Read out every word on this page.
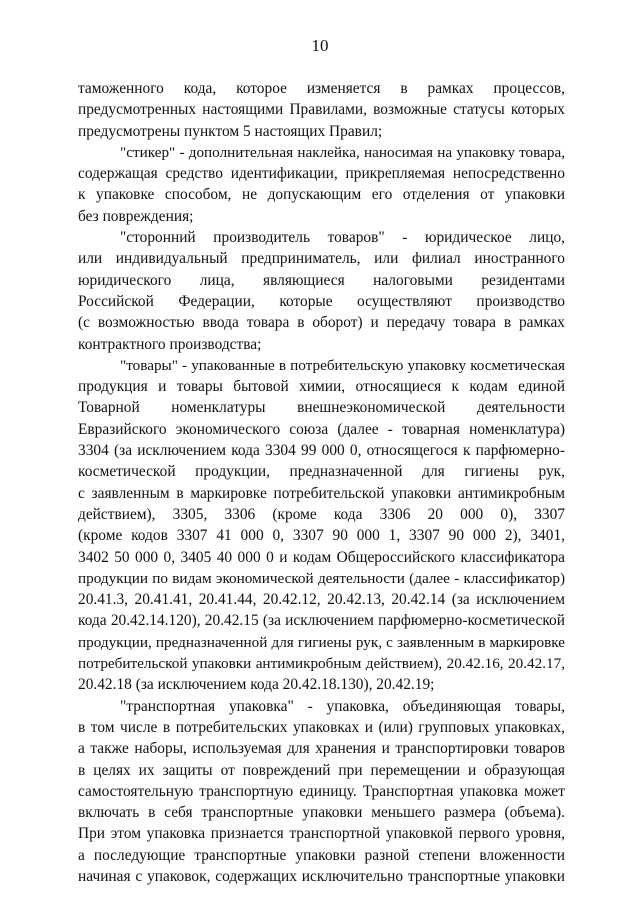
10
таможенного кода, которое изменяется в рамках процессов,
предусмотренных настоящими Правилами, возможные статусы которых
предусмотрены пунктом 5 настоящих Правил;
"стикер" - дополнительная наклейка, наносимая на упаковку товара,
содержащая средство идентификации, прикрепляемая непосредственно
к упаковке способом, не допускающим его отделения от упаковки
без повреждения;
"сторонний производитель товаров" - юридическое лицо,
или индивидуальный предприниматель, или филиал иностранного
юридического лица, являющиеся налоговыми резидентами
Российской Федерации, которые осуществляют производство
(с возможностью ввода товара в оборот) и передачу товара в рамках
контрактного производства;
"товары" - упакованные в потребительскую упаковку косметическая
продукция и товары бытовой химии, относящиеся к кодам единой
Товарной номенклатуры внешнеэкономической деятельности
Евразийского экономического союза (далее - товарная номенклатура)
3304 (за исключением кода 3304 99 000 0, относящегося к парфюмерно-
косметической продукции, предназначенной для гигиены рук,
с заявленным в маркировке потребительской упаковки антимикробным
действием), 3305, 3306 (кроме кода 3306 20 000 0), 3307
(кроме кодов 3307 41 000 0, 3307 90 000 1, 3307 90 000 2), 3401,
3402 50 000 0, 3405 40 000 0 и кодам Общероссийского классификатора
продукции по видам экономической деятельности (далее - классификатор)
20.41.3, 20.41.41, 20.41.44, 20.42.12, 20.42.13, 20.42.14 (за исключением
кода 20.42.14.120), 20.42.15 (за исключением парфюмерно-косметической
продукции, предназначенной для гигиены рук, с заявленным в маркировке
потребительской упаковки антимикробным действием), 20.42.16, 20.42.17,
20.42.18 (за исключением кода 20.42.18.130), 20.42.19;
"транспортная упаковка" - упаковка, объединяющая товары,
в том числе в потребительских упаковках и (или) групповых упаковках,
а также наборы, используемая для хранения и транспортировки товаров
в целях их защиты от повреждений при перемещении и образующая
самостоятельную транспортную единицу. Транспортная упаковка может
включать в себя транспортные упаковки меньшего размера (объема).
При этом упаковка признается транспортной упаковкой первого уровня,
а последующие транспортные упаковки разной степени вложенности
начиная с упаковок, содержащих исключительно транспортные упаковки
